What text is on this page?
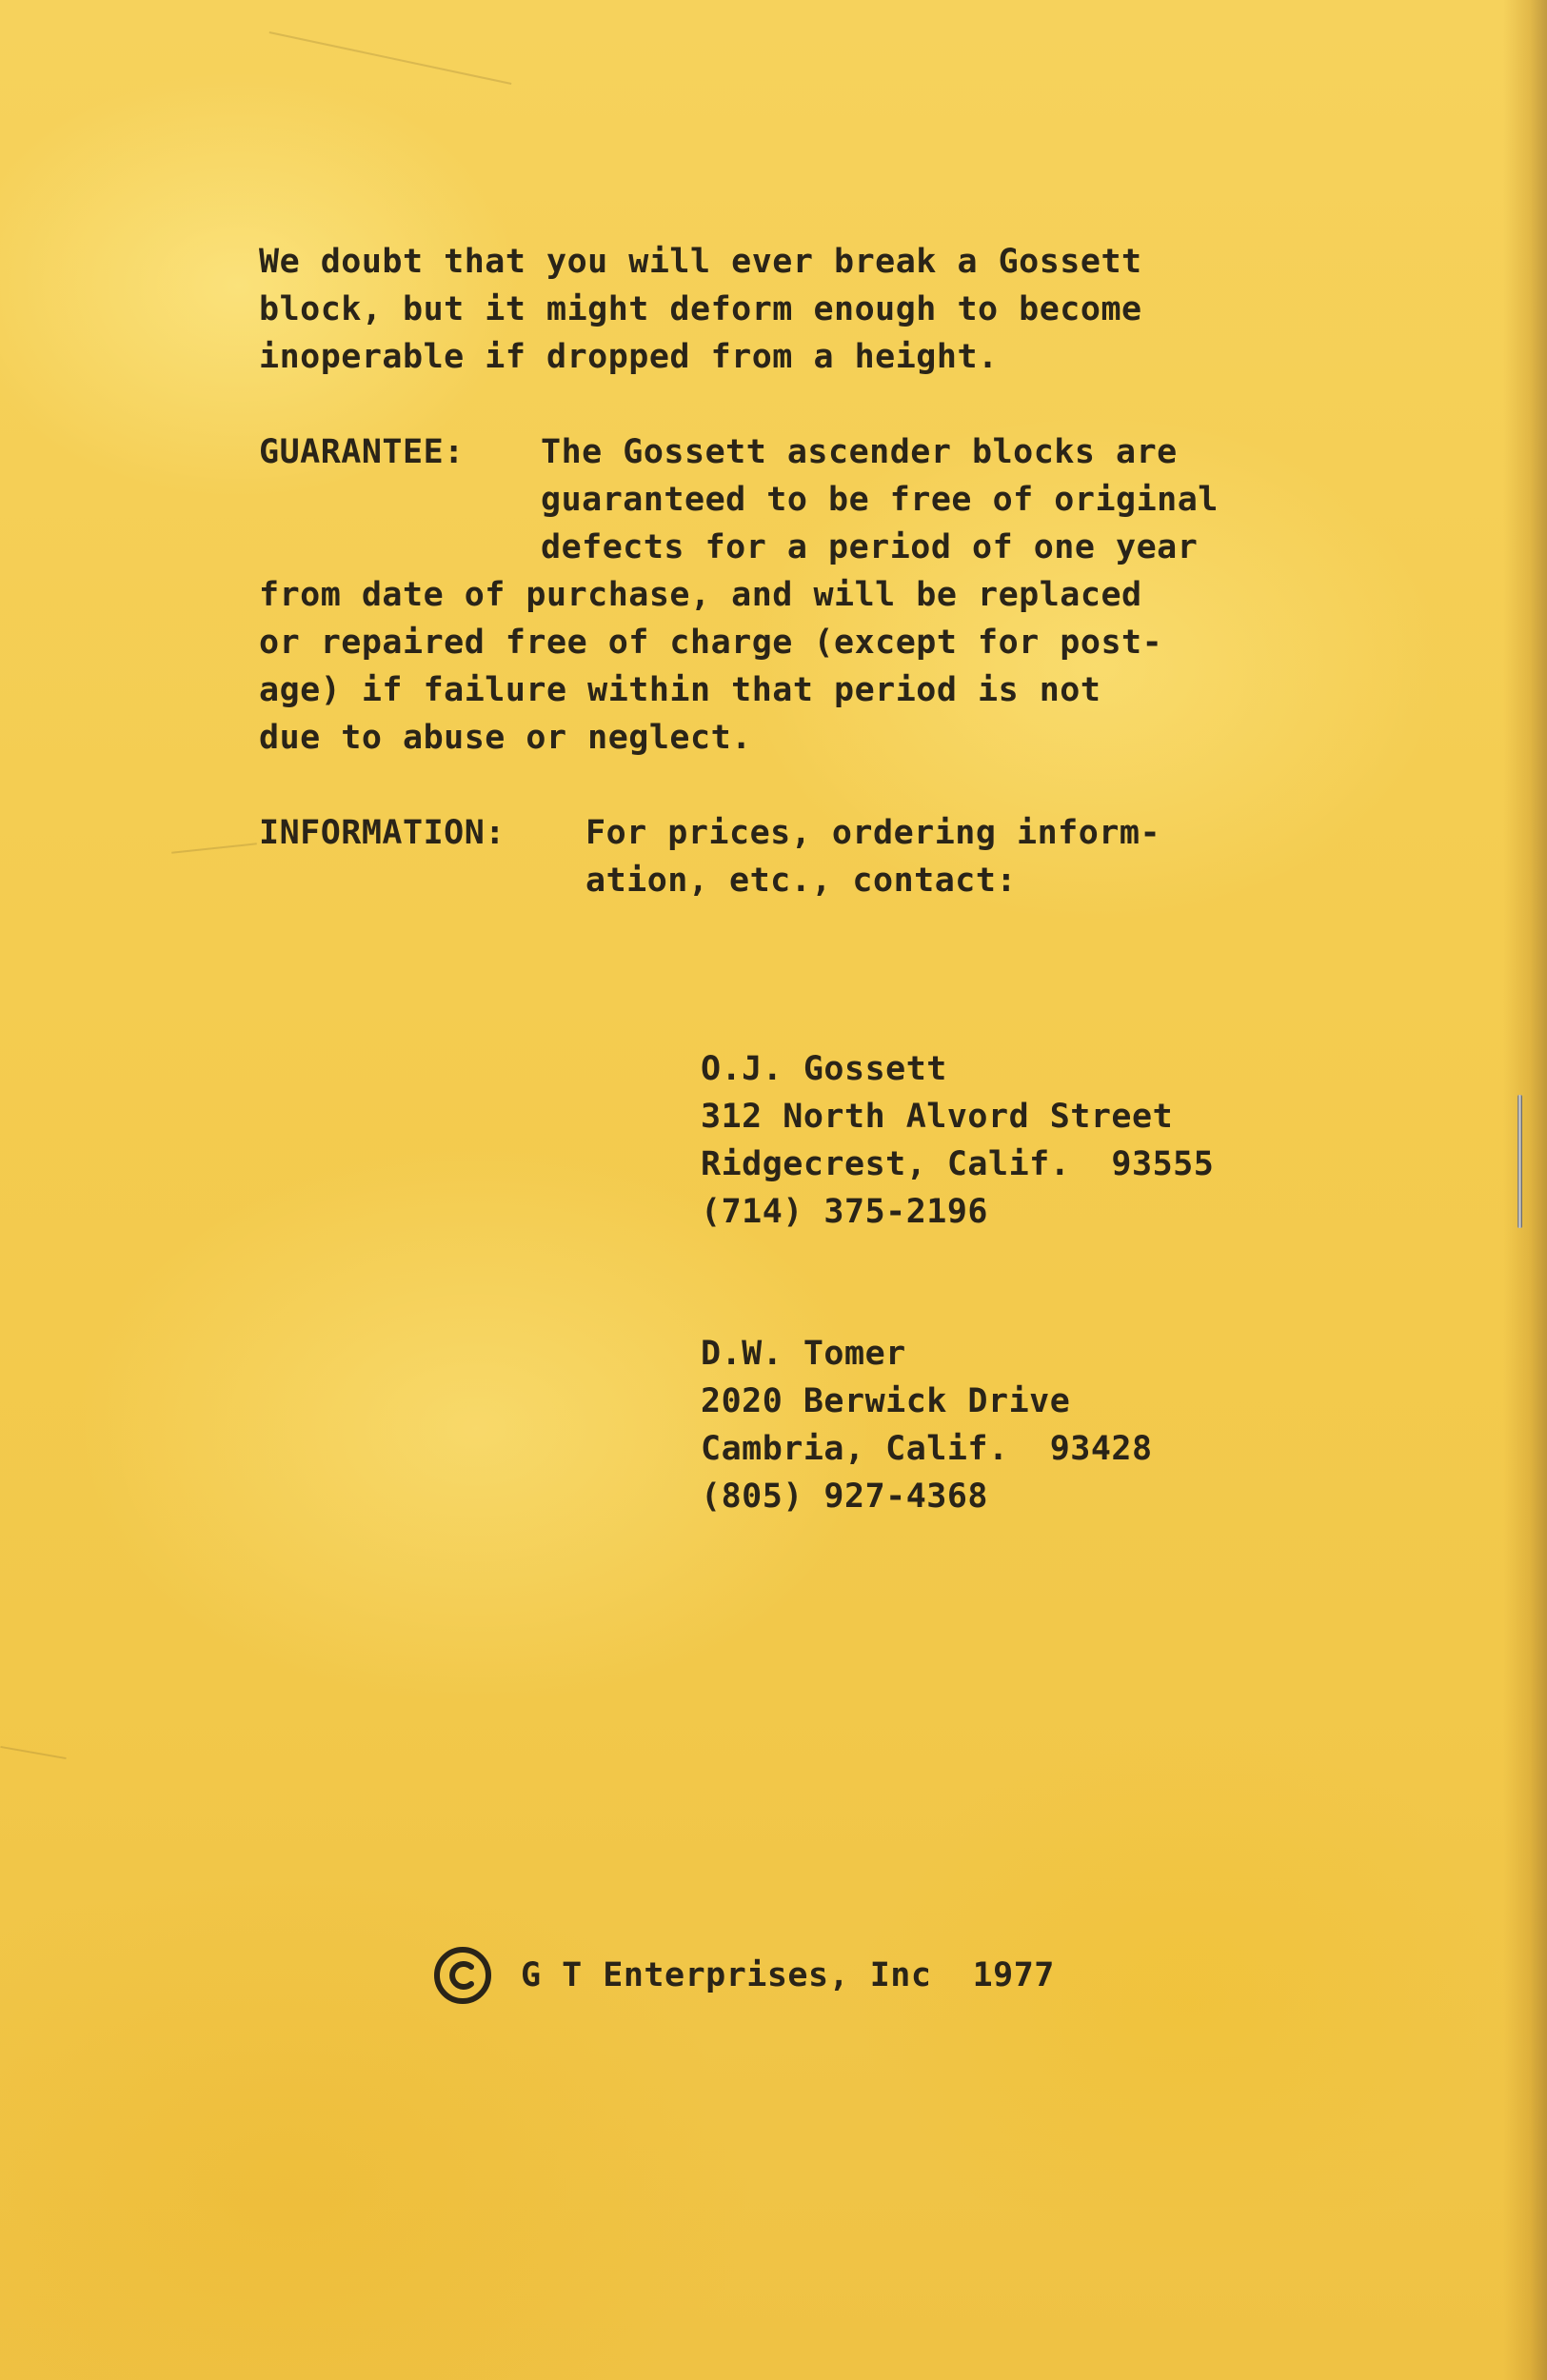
We doubt that you will ever break a Gossett
block, but it might deform enough to become
inoperable if dropped from a height.
GUARANTEE: The Gossett ascender blocks are
guaranteed to be free of original
defects for a period of one year
from date of purchase, and will be replaced
or repaired free of charge (except for post-
age) if failure within that period is not
due to abuse or neglect.
INFORMATION: For prices, ordering inform-
ation, etc., contact:
O.J. Gossett
312 North Alvord Street
Ridgecrest, Calif.  93555
(714) 375-2196
D.W. Tomer
2020 Berwick Drive
Cambria, Calif.  93428
(805) 927-4368
G T Enterprises, Inc  1977
